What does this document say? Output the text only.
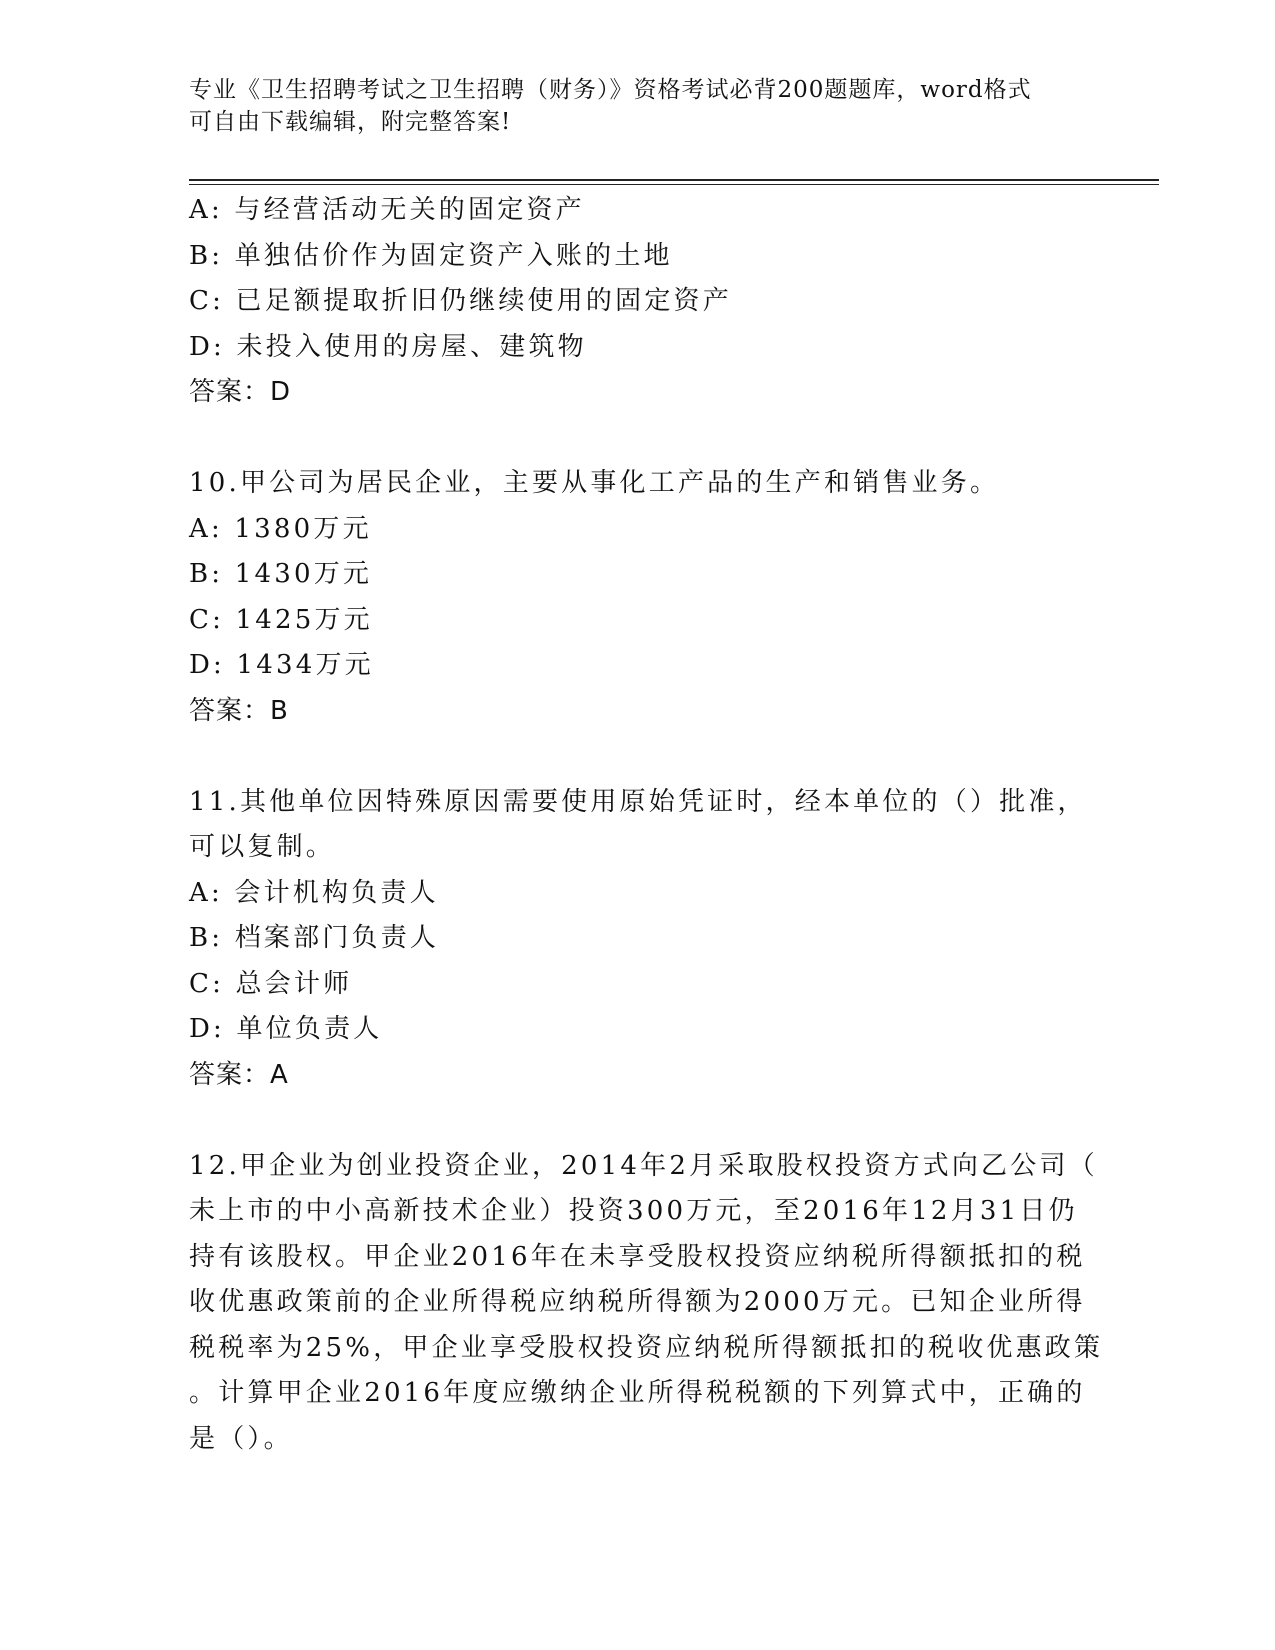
专业《卫生招聘考试之卫生招聘（财务）》资格考试必背200题题库，word格式
可自由下载编辑，附完整答案!
A: 与经营活动无关的固定资产
B: 单独估价作为固定资产入账的土地
C: 已足额提取折旧仍继续使用的固定资产
D: 未投入使用的房屋、建筑物
答案：D
10.甲公司为居民企业，主要从事化工产品的生产和销售业务。
A: 1380万元
B: 1430万元
C: 1425万元
D: 1434万元
答案：B
11.其他单位因特殊原因需要使用原始凭证时，经本单位的（）批准，
可以复制。
A: 会计机构负责人
B: 档案部门负责人
C: 总会计师
D: 单位负责人
答案：A
12.甲企业为创业投资企业，2014年2月采取股权投资方式向乙公司（
未上市的中小高新技术企业）投资300万元，至2016年12月31日仍
持有该股权。甲企业2016年在未享受股权投资应纳税所得额抵扣的税
收优惠政策前的企业所得税应纳税所得额为2000万元。已知企业所得
税税率为25%，甲企业享受股权投资应纳税所得额抵扣的税收优惠政策
。计算甲企业2016年度应缴纳企业所得税税额的下列算式中，正确的
是（）。
